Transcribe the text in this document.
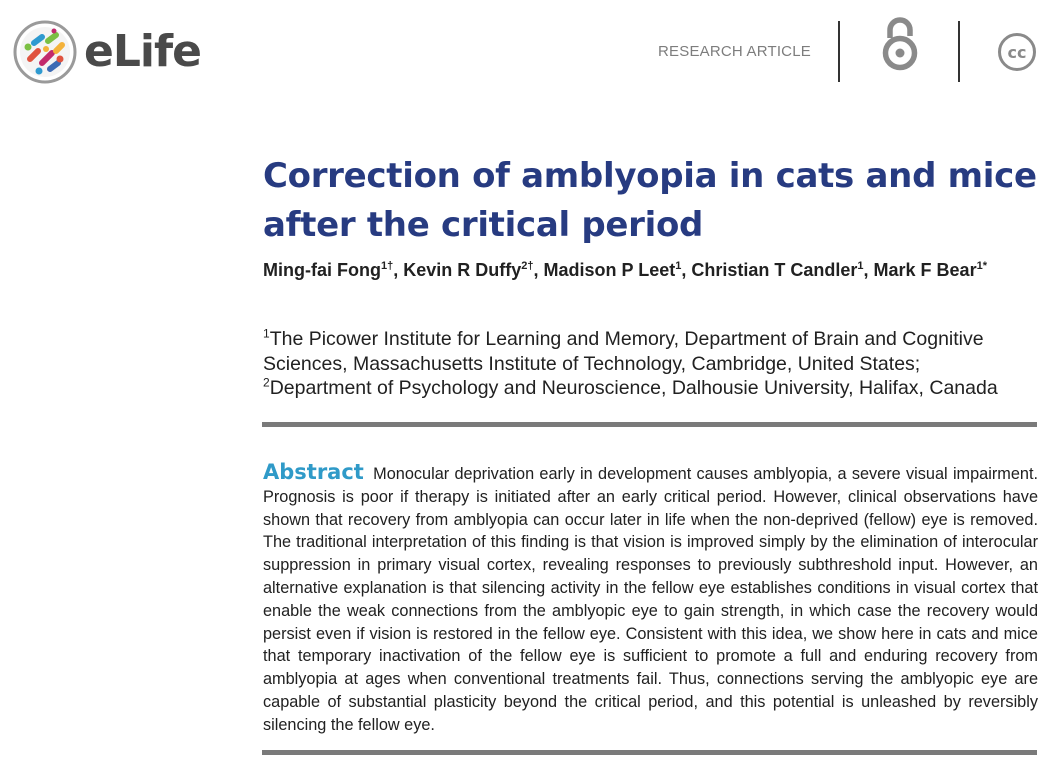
eLife	RESEARCH ARTICLE	cc
Correction of amblyopia in cats and mice after the critical period
Ming-fai Fong$^{1\dagger}$, Kevin R Duffy$^{2\dagger}$, Madison P Leet$^1$, Christian T Candler$^1$, Mark F Bear$^{1*}$
$^1$The Picower Institute for Learning and Memory, Department of Brain and Cognitive Sciences, Massachusetts Institute of Technology, Cambridge, United States;
$^2$Department of Psychology and Neuroscience, Dalhousie University, Halifax, Canada
Abstract Monocular deprivation early in development causes amblyopia, a severe visual impairment. Prognosis is poor if therapy is initiated after an early critical period. However, clinical observations have shown that recovery from amblyopia can occur later in life when the non-deprived (fellow) eye is removed. The traditional interpretation of this finding is that vision is improved simply by the elimination of interocular suppression in primary visual cortex, revealing responses to previously subthreshold input. However, an alternative explanation is that silencing activity in the fellow eye establishes conditions in visual cortex that enable the weak connections from the amblyopic eye to gain strength, in which case the recovery would persist even if vision is restored in the fellow eye. Consistent with this idea, we show here in cats and mice that temporary inactivation of the fellow eye is sufficient to promote a full and enduring recovery from amblyopia at ages when conventional treatments fail. Thus, connections serving the amblyopic eye are capable of substantial plasticity beyond the critical period, and this potential is unleashed by reversibly silencing the fellow eye.
